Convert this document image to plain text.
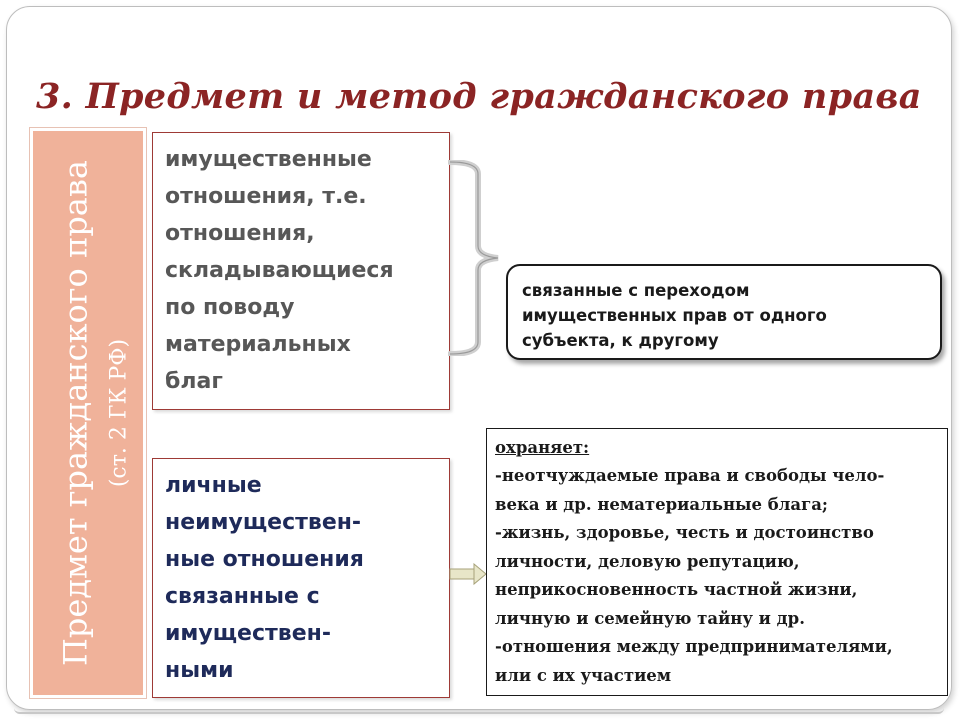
3. Предмет и метод гражданского права
Предмет гражданского права (ст. 2 ГК РФ)

имущественные
отношения, т.е.
отношения,
складывающиеся
по поводу
материальных
благ

связанные с переходом
имущественных прав от одного
субъекта, к другому

личные
неимуществен-
ные отношения
связанные с
имуществен-
ными

охраняет:

-неотчуждаемые права и свободы чело-
века и др. нематериальные блага;
-жизнь, здоровье, честь и достоинство
личности, деловую репутацию,
неприкосновенность частной жизни,
личную и семейную тайну и др.
-отношения между предпринимателями,
или с их участием
